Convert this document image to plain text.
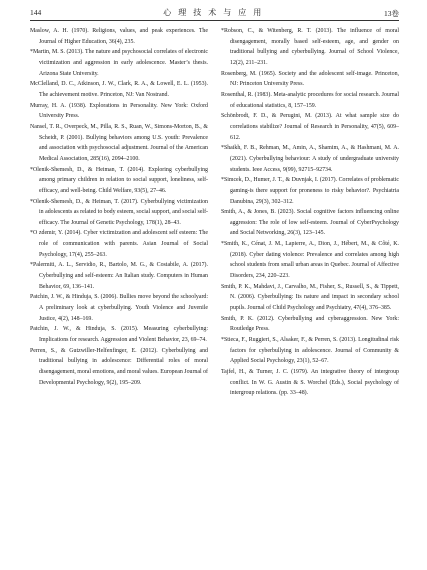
144	心 理 技 术 与 应 用	13卷

Maslow, A. H. (1970). Religions, values, and peak experiences. The Journal of Higher Education, 36(4), 235.

*Martin, M. S. (2013). The nature and psychosocial correlates of electronic victimization and aggression in early adolescence. Master’s thesis. Arizona State University.

McClelland, D. C., Atkinson, J. W., Clark, R. A., & Lowell, E. L. (1953). The achievement motive. Princeton, NJ: Van Nostrand.

Murray, H. A. (1938). Explorations in Personality. New York: Oxford University Press.

Nansel, T. R., Overpeck, M., Pilla, R. S., Ruan, W., Simons-Morton, B., & Scheidt, P. (2001). Bullying behaviors among U.S. youth: Prevalence and association with psychosocial adjustment. Journal of the American Medical Association, 285(16), 2094–2100.

*Olenik-Shemesh, D., & Heiman, T. (2014). Exploring cyberbullying among primary children in relation to social support, loneliness, self-efficacy, and well-being. Child Welfare, 93(5), 27–46.

*Olenik-Shemesh, D., & Heiman, T. (2017). Cyberbullying victimization in adolescents as related to body esteem, social support, and social self-efficacy. The Journal of Genetic Psychology, 178(1), 28–43.

*O zdemir, Y. (2014). Cyber victimization and adolescent self esteem: The role of communication with parents. Asian Journal of Social Psychology, 17(4), 255–263.

*Palermiti, A. L., Servidio, R., Bartolo, M. G., & Costabile, A. (2017). Cyberbullying and self-esteem: An Italian study. Computers in Human Behavior, 69, 136–141.

Patchin, J. W., & Hinduja, S. (2006). Bullies move beyond the schoolyard: A preliminary look at cyberbullying. Youth Violence and Juvenile Justice, 4(2), 148–169.

Patchin, J. W., & Hinduja, S. (2015). Measuring cyberbullying: Implications for research. Aggression and Violent Behavior, 23, 69–74.

Perren, S., & Gutzwiller-Helfenfinger, E. (2012). Cyberbullying and traditional bullying in adolescence: Differential roles of moral disengagement, moral emotions, and moral values. European Journal of Developmental Psychology, 9(2), 195–209.

*Robson, C., & Witenberg, R. T. (2013). The influence of moral disengagement, morally based self-esteem, age, and gender on traditional bullying and cyberbullying. Journal of School Violence, 12(2), 211–231.

Rosenberg, M. (1965). Society and the adolescent self-image. Princeton, NJ: Princeton University Press.

Rosenthal, R. (1983). Meta-analytic procedures for social research. Journal of educational statistics, 8, 157–159.

Schönbrodt, F. D., & Perugini, M. (2013). At what sample size do correlations stabilize? Journal of Research in Personality, 47(5), 609–612.

*Shaikh, F. B., Rehman, M., Amin, A., Shamim, A., & Hashmani, M. A. (2021). Cyberbullying behaviour: A study of undergraduate university students. Ieee Access, 9(99), 92715–92734.

*Simcek, D., Humer, J. T., & Duvnjak, I. (2017). Correlates of problematic gaming-is there support for proneness to risky behavior?. Psychiatria Danubina, 29(3), 302–312.

Smith, A., & Jones, B. (2023). Social cognitive factors influencing online aggression: The role of low self-esteem. Journal of CyberPsychology and Social Networking, 26(3), 123–145.

*Smith, K., Cénat, J. M., Lapierre, A., Dion, J., Hébert, M., & Côté, K. (2018). Cyber dating violence: Prevalence and correlates among high school students from small urban areas in Quebec. Journal of Affective Disorders, 234, 220–223.

Smith, P. K., Mahdavi, J., Carvalho, M., Fisher, S., Russell, S., & Tippett, N. (2006). Cyberbullying: Its nature and impact in secondary school pupils. Journal of Child Psychology and Psychiatry, 47(4), 376–385.

Smith, P. K. (2012). Cyberbullying and cyberaggression. New York: Routledge Press.

*Stieca, F., Ruggieri, S., Alsaker, F., & Perren, S. (2013). Longitudinal risk factors for cyberbullying in adolescence. Journal of Community & Applied Social Psychology, 23(1), 52–67.

Tajfel, H., & Turner, J. C. (1979). An integrative theory of intergroup conflict. In W. G. Austin & S. Worchel (Eds.), Social psychology of intergroup relations. (pp. 33–48).
